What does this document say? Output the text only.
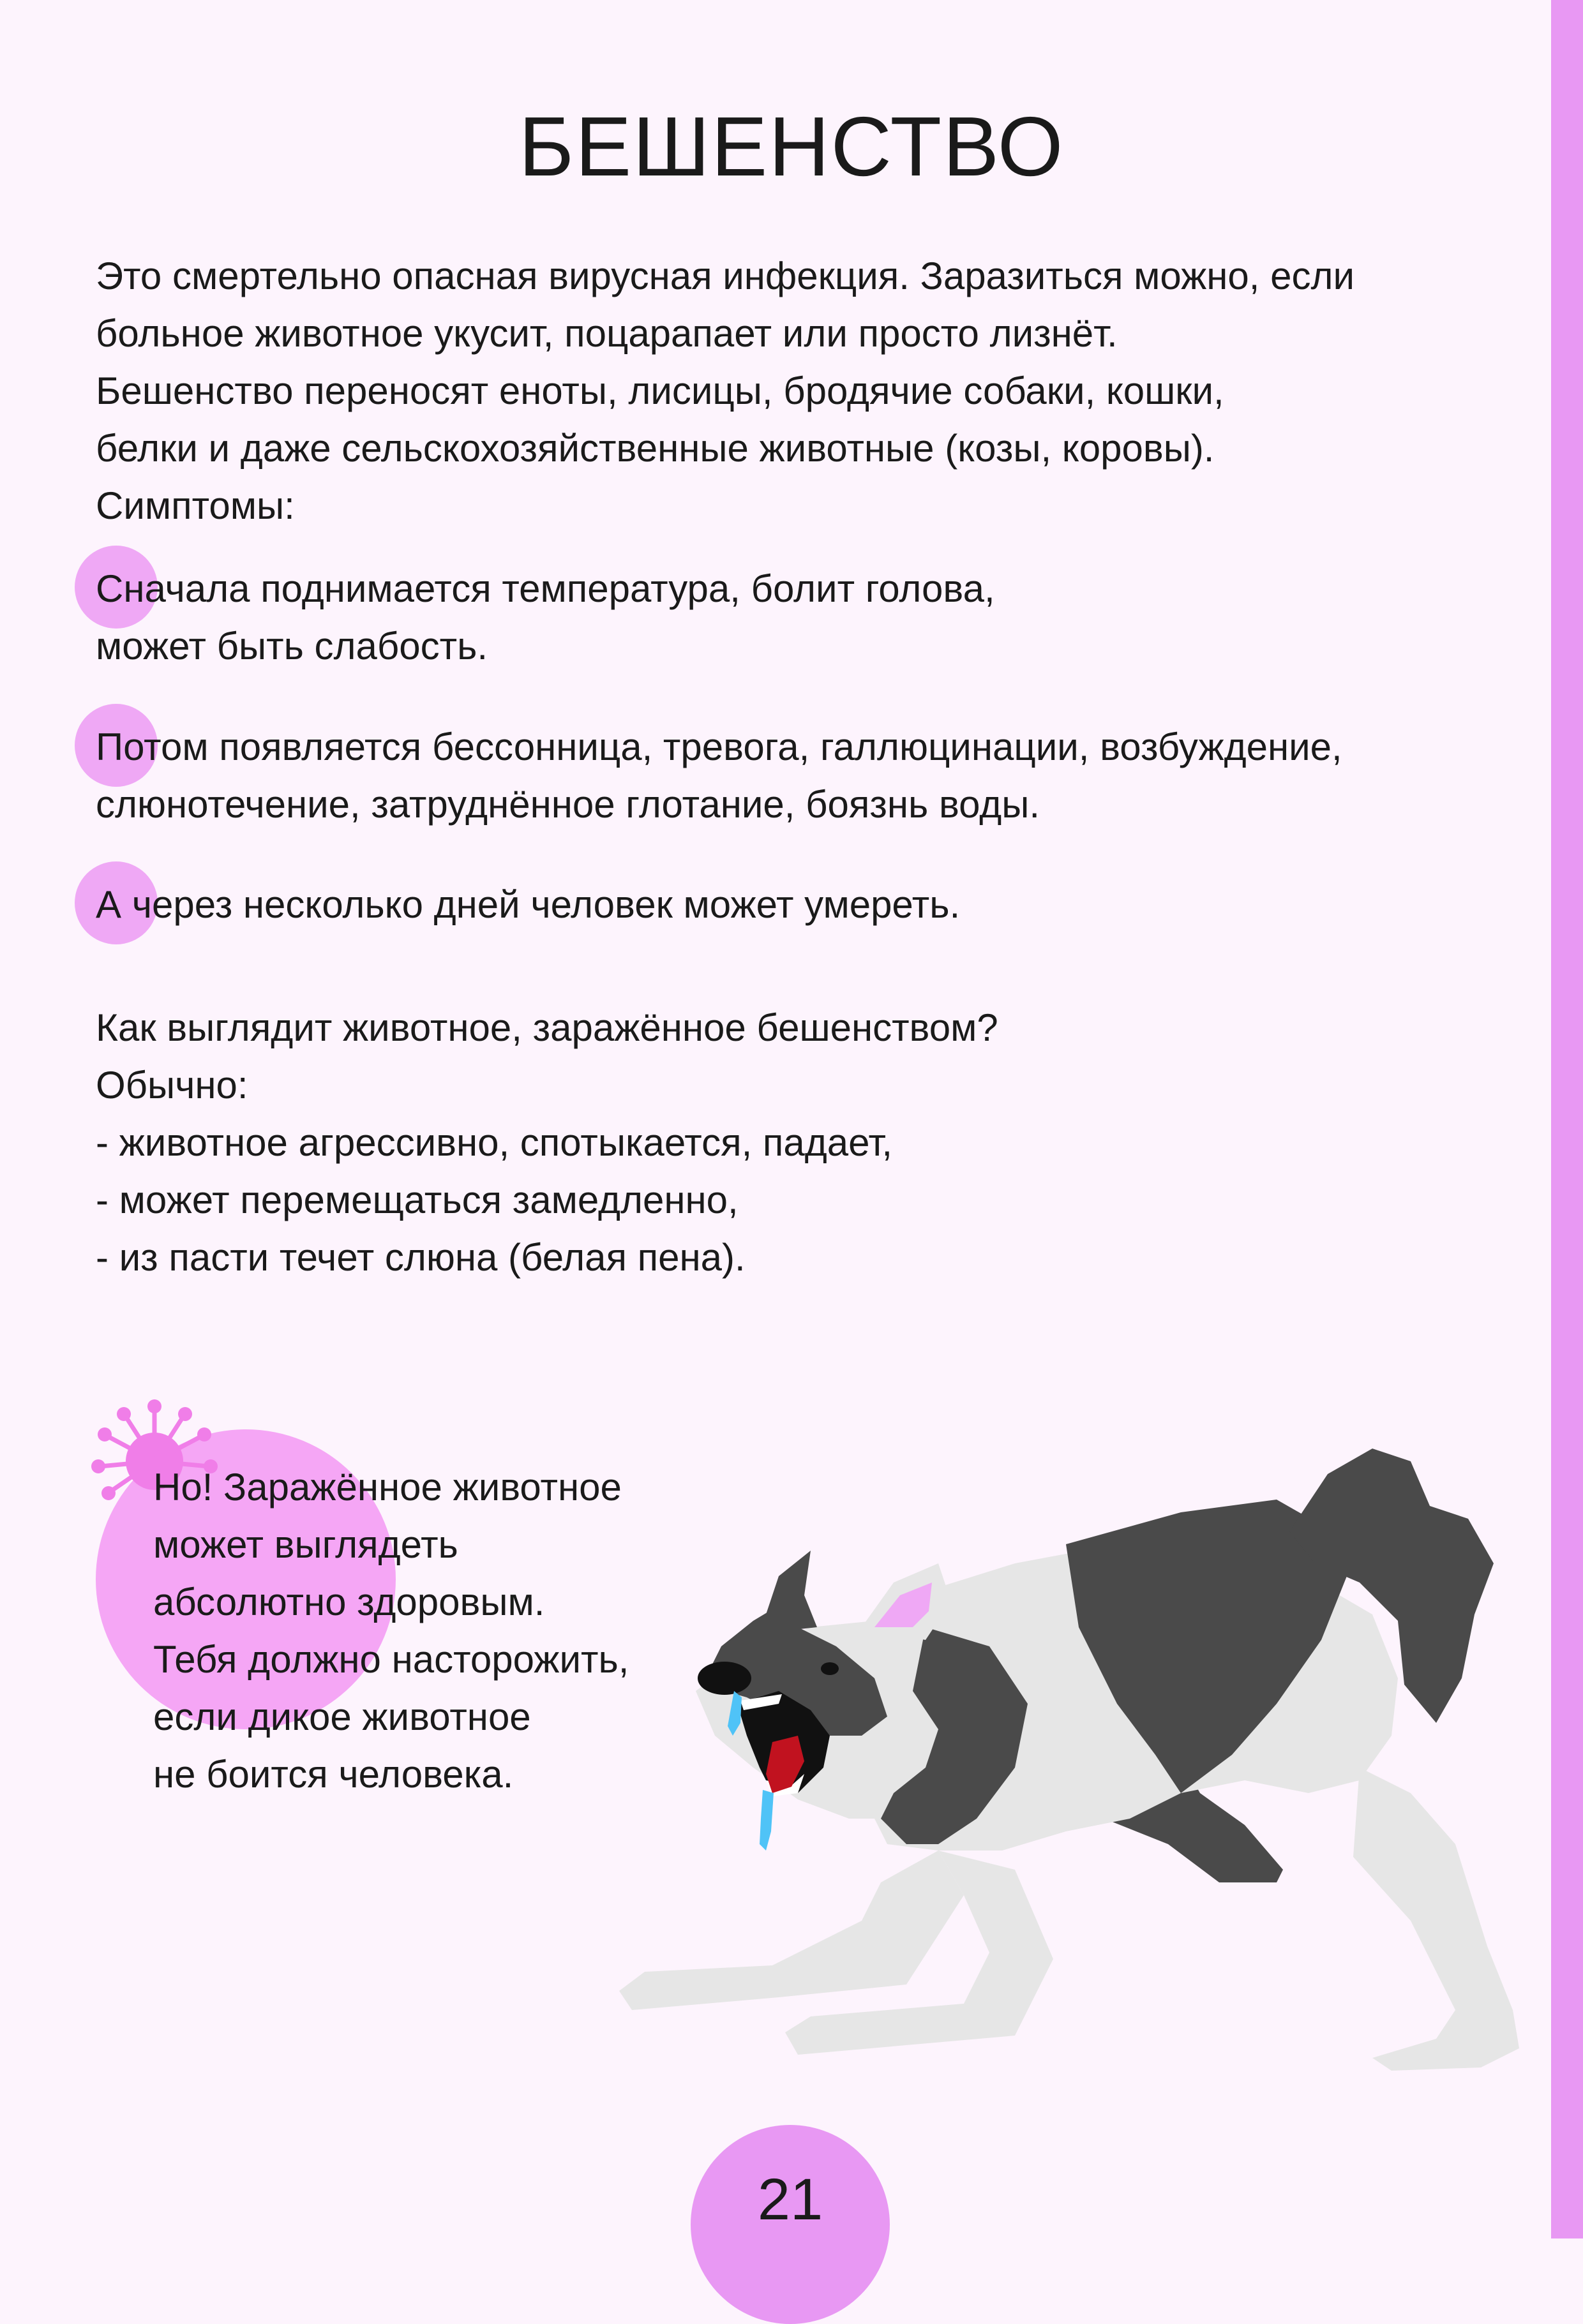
БЕШЕНСТВО
Это смертельно опасная вирусная инфекция. Заразиться можно, если
больное животное укусит, поцарапает или просто лизнёт.
Бешенство переносят еноты, лисицы, бродячие собаки, кошки,
белки и даже сельскохозяйственные животные (козы, коровы).
Симптомы:
Сначала поднимается температура, болит голова,
может быть слабость.
Потом появляется бессонница, тревога, галлюцинации, возбуждение,
слюнотечение, затруднённое глотание, боязнь воды.
А через несколько дней человек может умереть.
Как выглядит животное, заражённое бешенством?
Обычно:
- животное агрессивно, спотыкается, падает,
- может перемещаться замедленно,
- из пасти течет слюна (белая пена).
Но! Заражённое животное
может выглядеть
абсолютно здоровым.
Тебя должно насторожить,
если дикое животное
не боится человека.
21
